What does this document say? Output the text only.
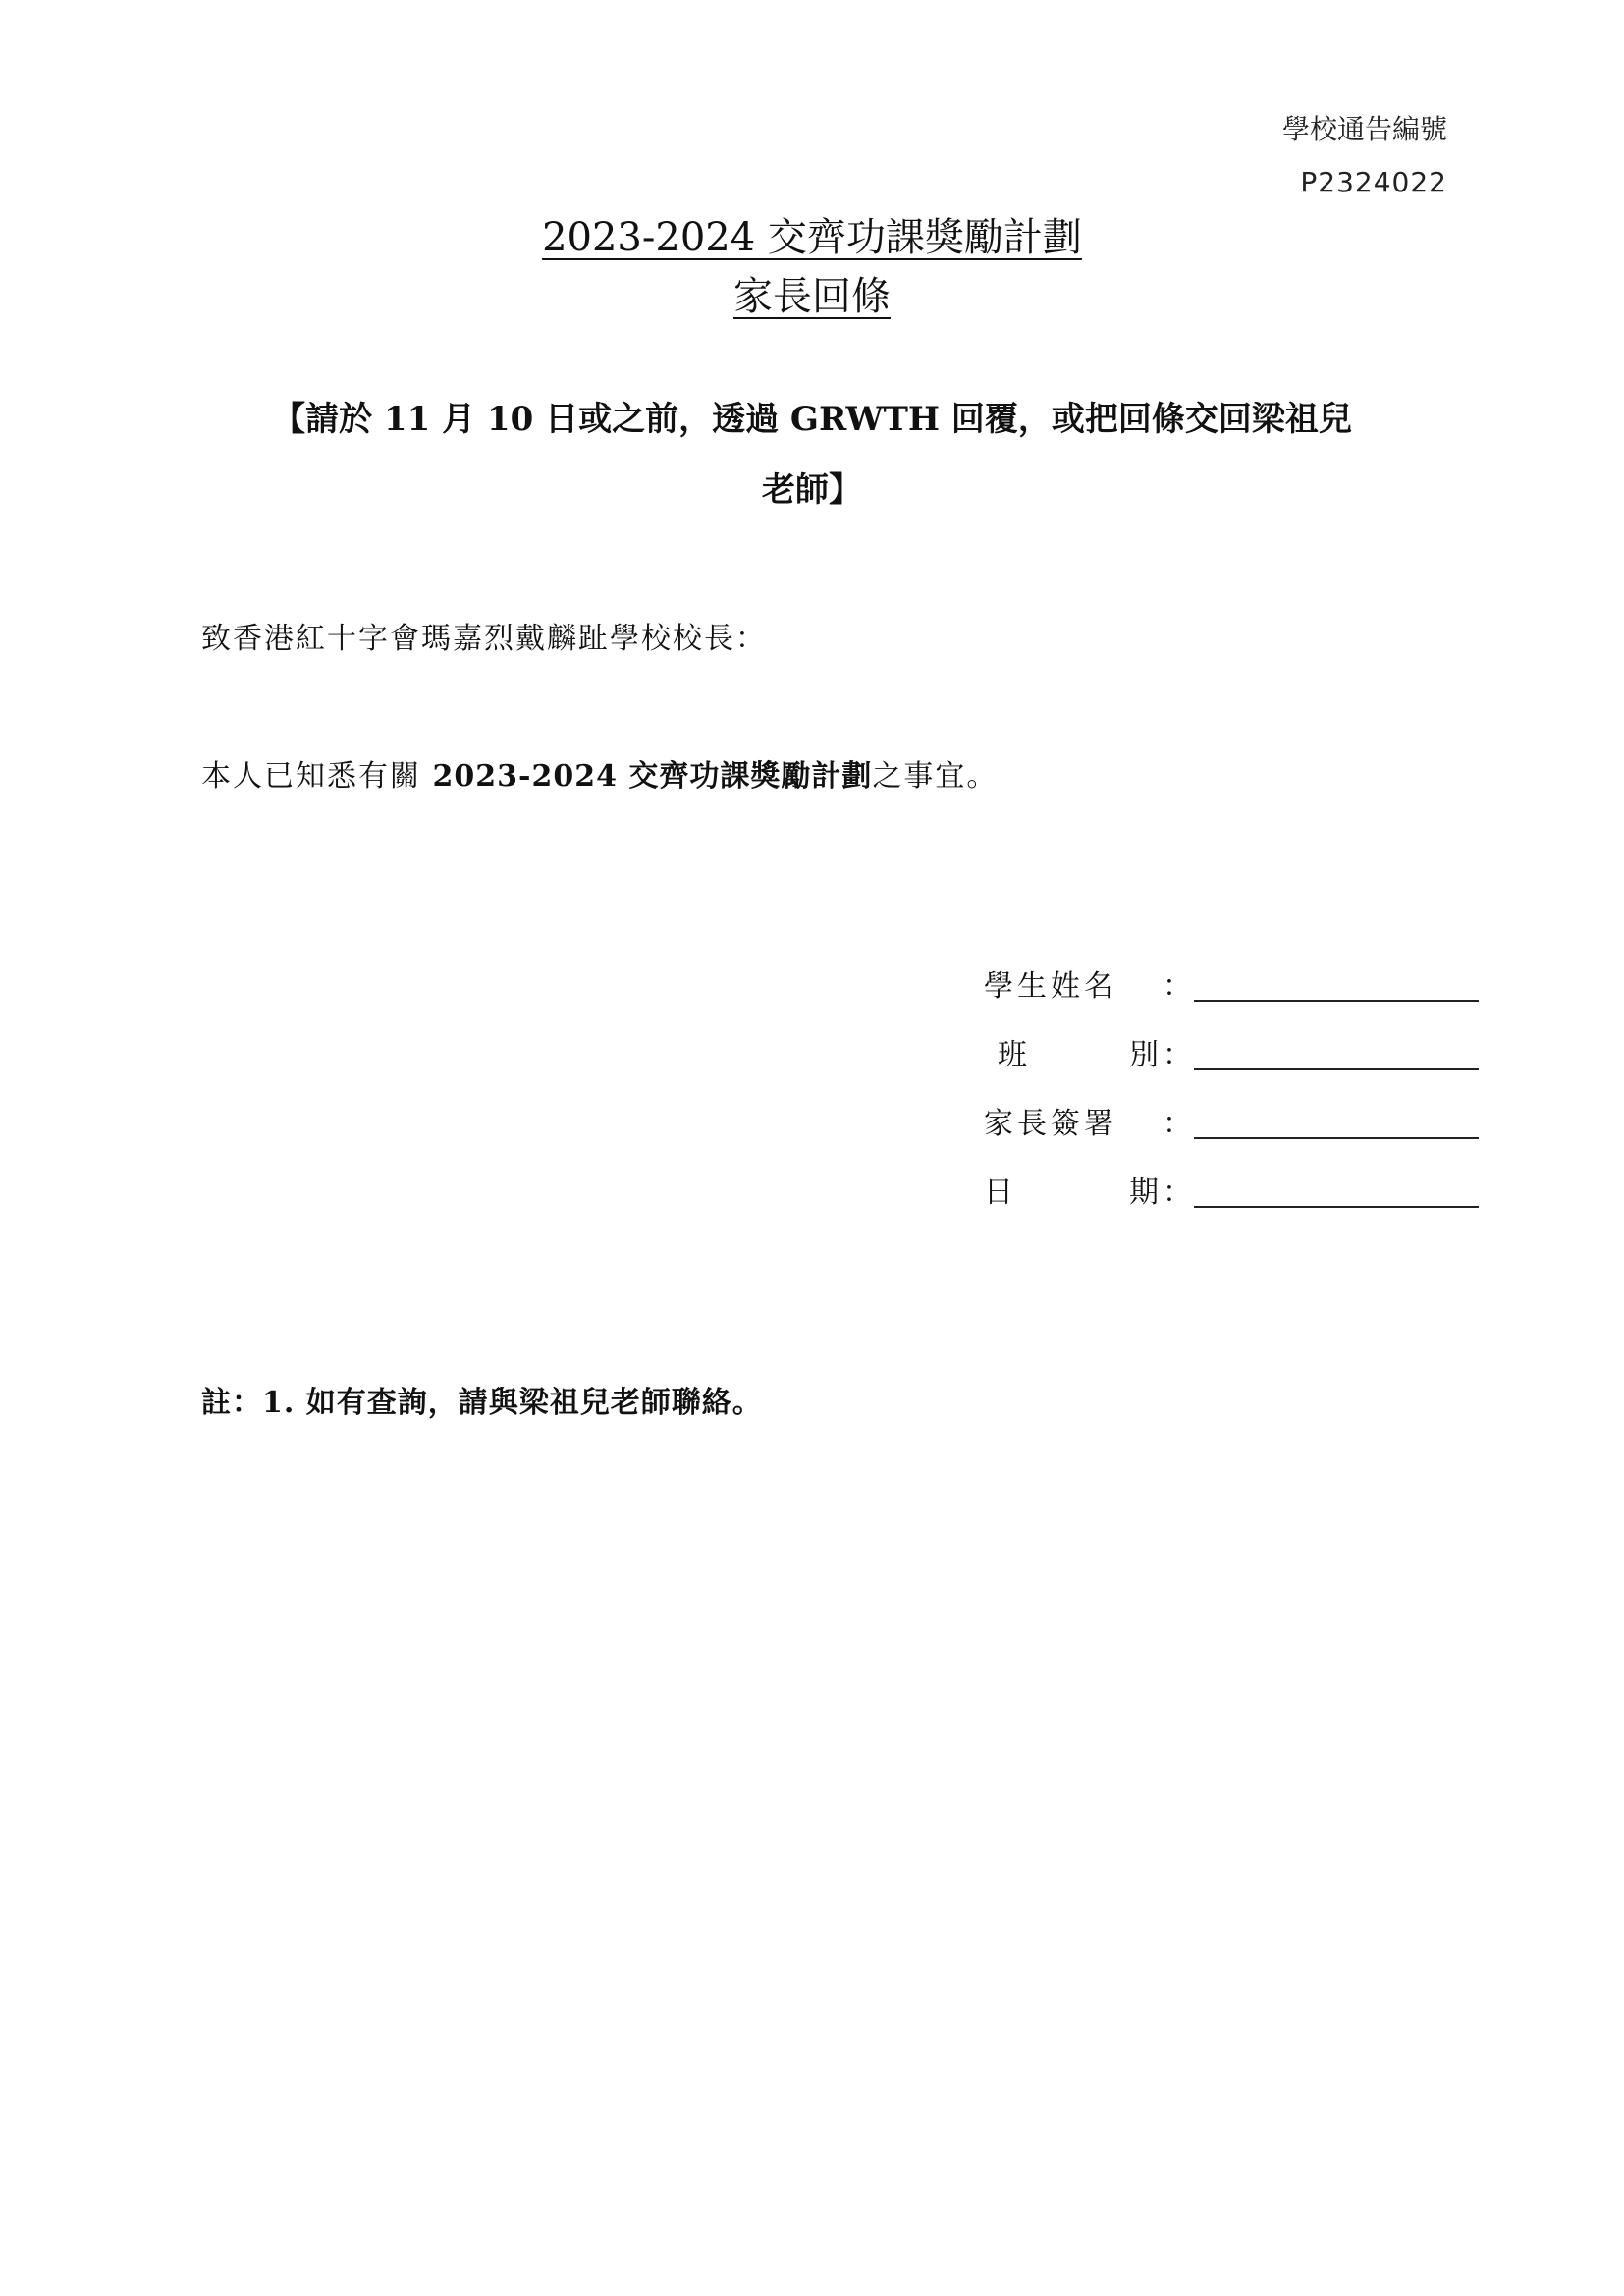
學校通告編號
P2324022
2023-2024 交齊功課獎勵計劃
家長回條
【請於 11 月 10 日或之前，透過 GRWTH 回覆，或把回條交回梁祖兒
老師】
致香港紅十字會瑪嘉烈戴麟趾學校校長：
本人已知悉有關 2023-2024 交齊功課獎勵計劃之事宜。
學生姓名	：
班	別 ：
家長簽署	：
日	期 ：
註：1. 如有查詢，請與梁祖兒老師聯絡。
